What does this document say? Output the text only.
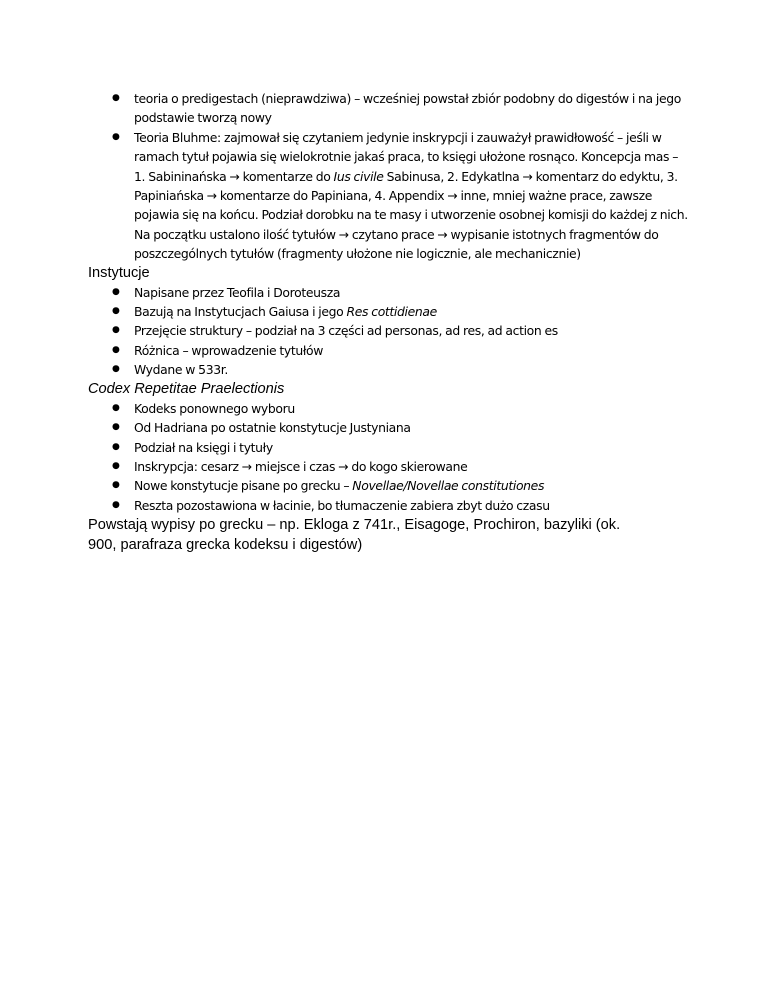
● teoria o predigestach (nieprawdziwa) – wcześniej powstał zbiór podobny do digestów i na jego podstawie tworzą nowy
● Teoria Bluhme: zajmował się czytaniem jedynie inskrypcji i zauważył prawidłowość – jeśli w ramach tytuł pojawia się wielokrotnie jakaś praca, to księgi ułożone rosnąco. Koncepcja mas – 1. Sabininańska → komentarze do Ius civile Sabinusa, 2. Edykatlna → komentarz do edyktu, 3. Papiniańska → komentarze do Papiniana, 4. Appendix → inne, mniej ważne prace, zawsze pojawia się na końcu. Podział dorobku na te masy i utworzenie osobnej komisji do każdej z nich. Na początku ustalono ilość tytułów → czytano prace → wypisanie istotnych fragmentów do poszczególnych tytułów (fragmenty ułożone nie logicznie, ale mechanicznie)

Instytucje

● Napisane przez Teofila i Doroteusza
● Bazują na Instytucjach Gaiusa i jego Res cottidienae
● Przejęcie struktury – podział na 3 części ad personas, ad res, ad action es
● Różnica – wprowadzenie tytułów
● Wydane w 533r.

Codex Repetitae Praelectionis

● Kodeks ponownego wyboru
● Od Hadriana po ostatnie konstytucje Justyniana
● Podział na księgi i tytuły
● Inskrypcja: cesarz → miejsce i czas → do kogo skierowane
● Nowe konstytucje pisane po grecku – Novellae/Novellae constitutiones
● Reszta pozostawiona w łacinie, bo tłumaczenie zabiera zbyt dużo czasu

Powstają wypisy po grecku – np. Ekloga z 741r., Eisagoge, Prochiron, bazyliki (ok. 900, parafraza grecka kodeksu i digestów)
